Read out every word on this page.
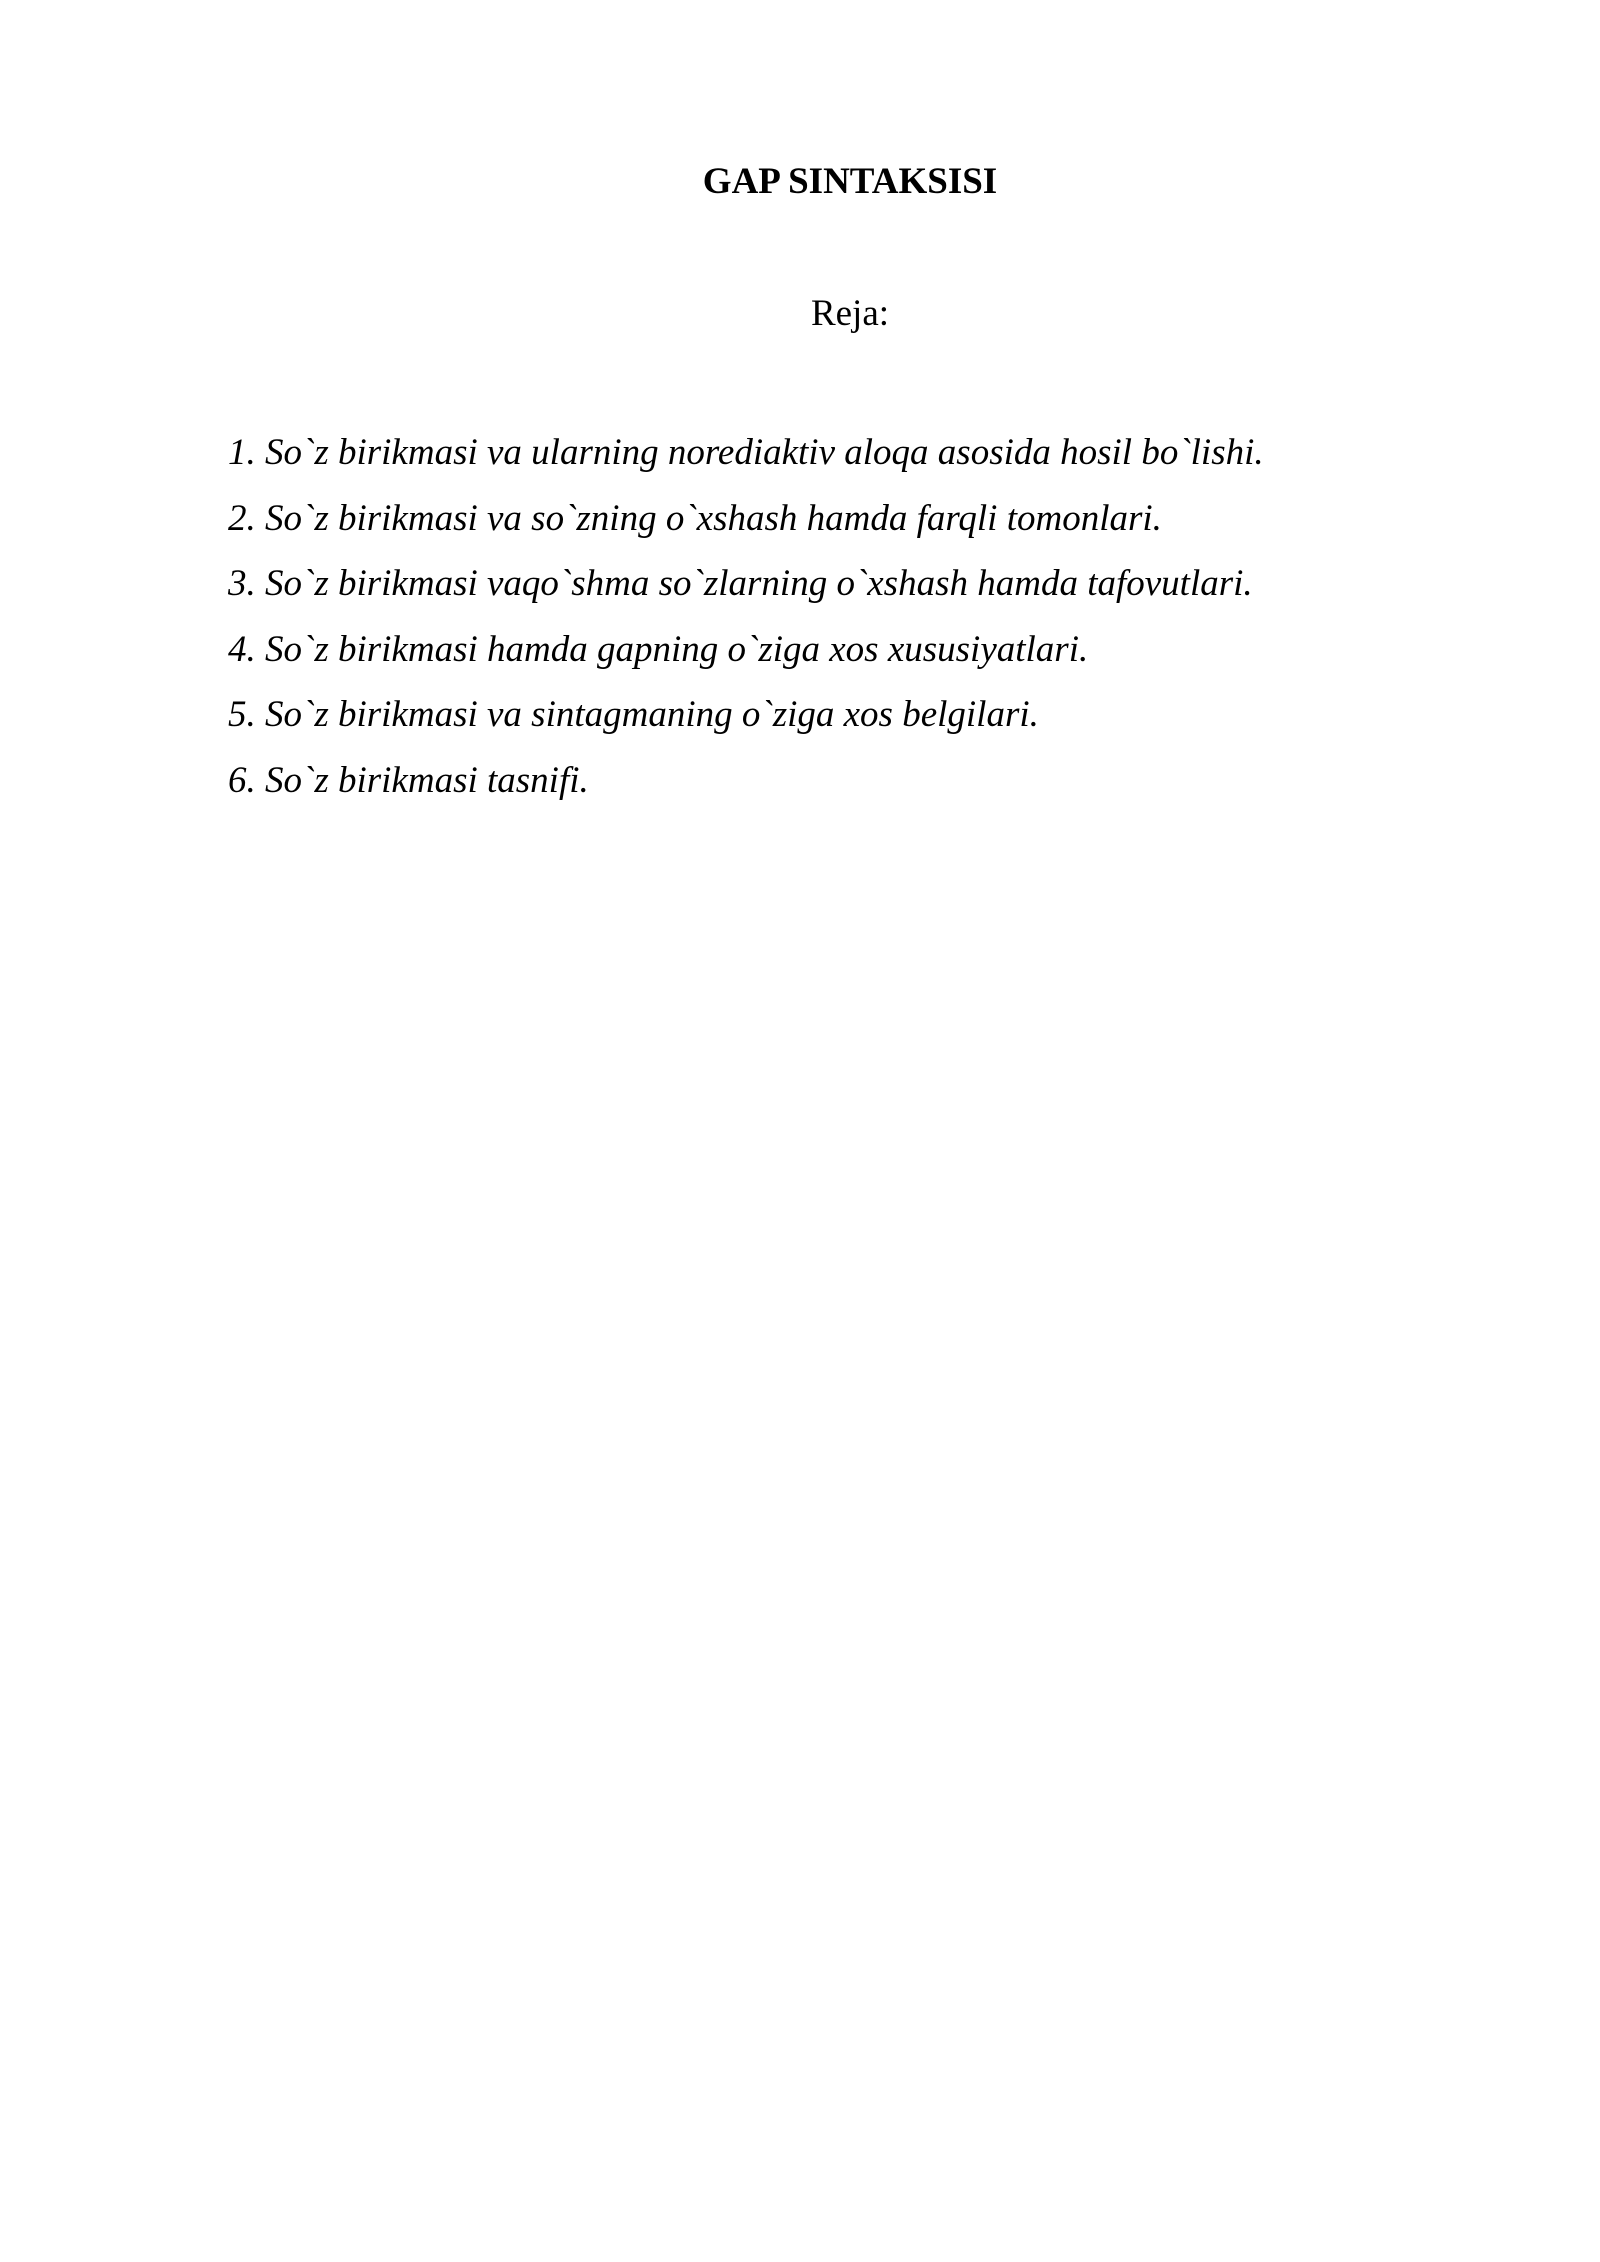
GAP SINTAKSISI

Reja:

1. So`z birikmasi va ularning norediaktiv aloqa asosida hosil bo`lishi.
2. So`z birikmasi va so`zning o`xshash hamda farqli tomonlari.
3. So`z birikmasi vaqo`shma so`zlarning o`xshash hamda tafovutlari.
4. So`z birikmasi hamda gapning o`ziga xos xususiyatlari.
5. So`z birikmasi va sintagmaning o`ziga xos belgilari.
6. So`z birikmasi tasnifi.
